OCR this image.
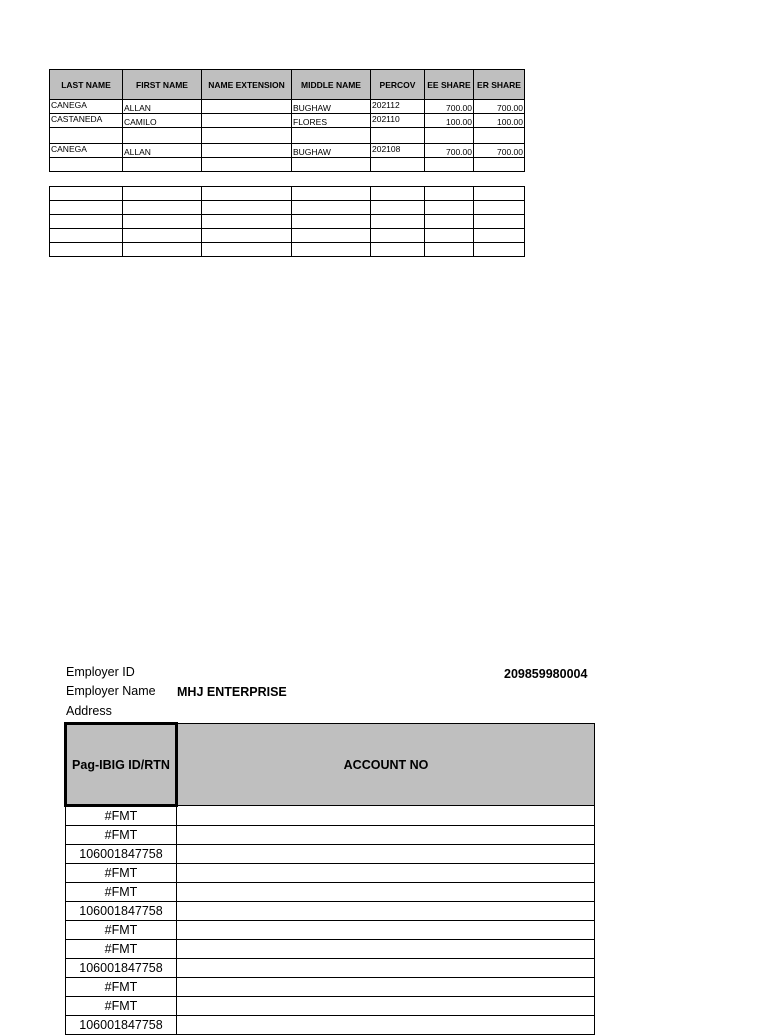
LAST NAME	FIRST NAME	NAME EXTENSION	MIDDLE NAME	PERCOV	EE SHARE	ER SHARE
CANEGA	ALLAN		BUGHAW	202112	700.00	700.00
CASTANEDA	CAMILO		FLORES	202110	100.00	100.00

CANEGA	ALLAN		BUGHAW	202108	700.00	700.00

Employer ID	209859980004
Employer Name MHJ ENTERPRISE
Address
Pag-IBIG ID/RTN	ACCOUNT NO
#FMT	
#FMT	
106001847758	
#FMT	
#FMT	
106001847758	
#FMT	
#FMT	
106001847758	
#FMT	
#FMT	
106001847758	
